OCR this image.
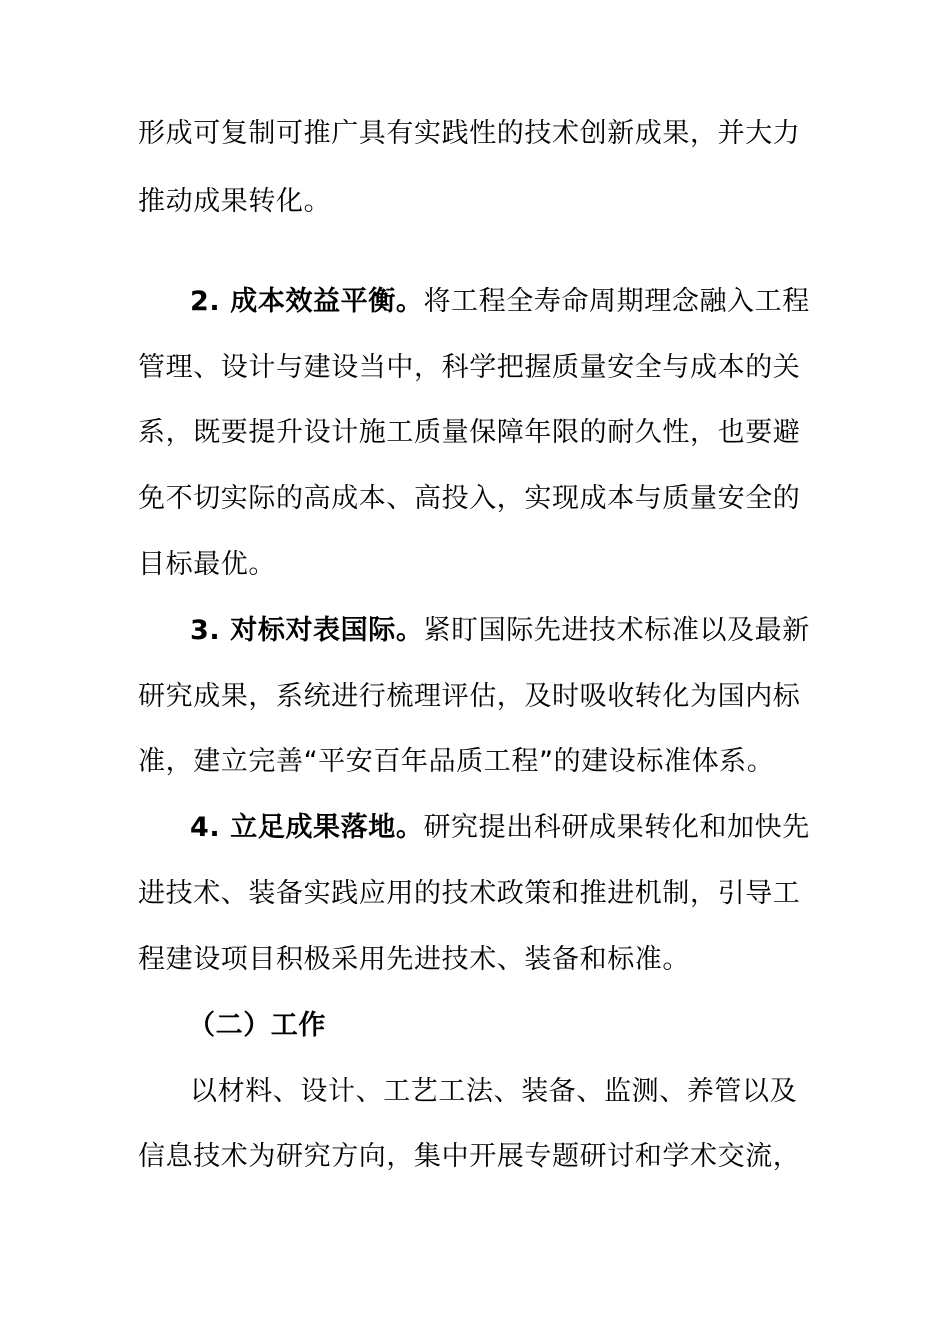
形成可复制可推广具有实践性的技术创新成果，并大力
推动成果转化。
2. 成本效益平衡。将工程全寿命周期理念融入工程
管理、设计与建设当中，科学把握质量安全与成本的关
系，既要提升设计施工质量保障年限的耐久性，也要避
免不切实际的高成本、高投入，实现成本与质量安全的
目标最优。
3. 对标对表国际。紧盯国际先进技术标准以及最新
研究成果，系统进行梳理评估，及时吸收转化为国内标
准，建立完善“平安百年品质工程”的建设标准体系。
4. 立足成果落地。研究提出科研成果转化和加快先
进技术、装备实践应用的技术政策和推进机制，引导工
程建设项目积极采用先进技术、装备和标准。
（二）工作
以材料、设计、工艺工法、装备、监测、养管以及
信息技术为研究方向，集中开展专题研讨和学术交流，
